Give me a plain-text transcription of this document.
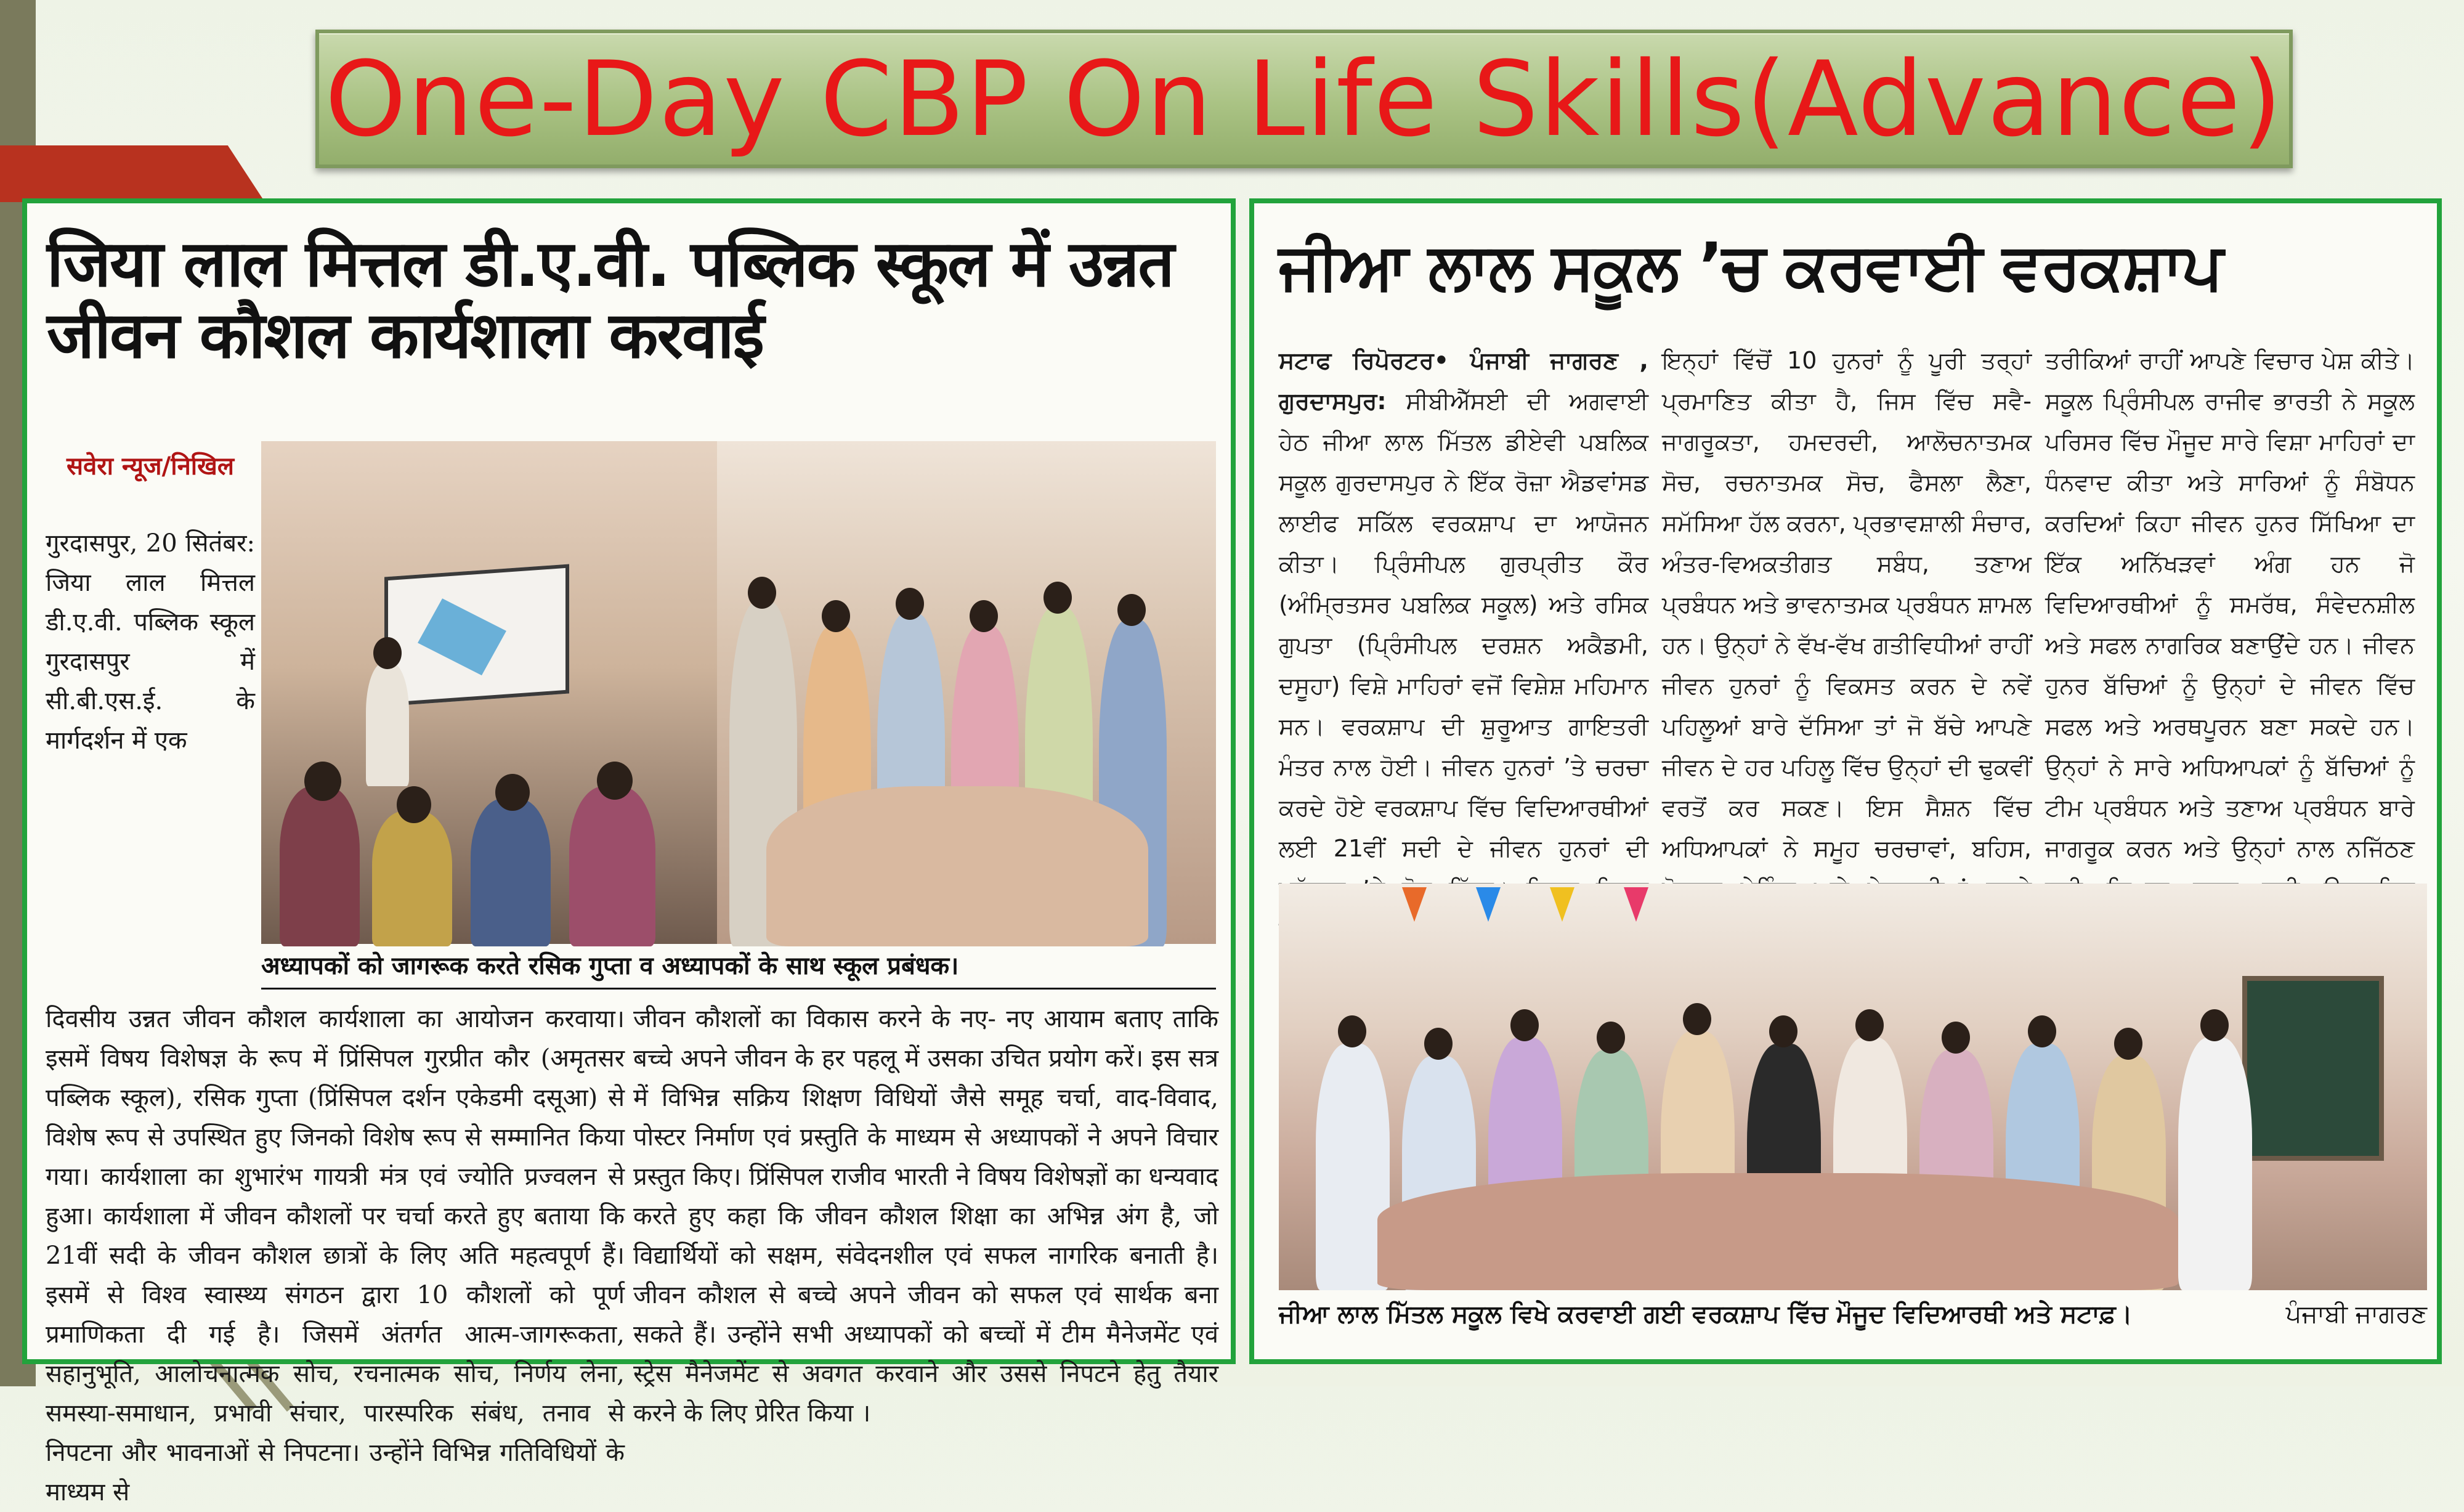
One-Day CBP On Life Skills(Advance)
जिया लाल मित्तल डी.ए.वी. पब्लिक स्कूल में उन्नत जीवन कौशल कार्यशाला करवाई
सवेरा न्यूज/निखिल
गुरदासपुर, 20 सितंबर: जिया लाल मित्तल डी.ए.वी. पब्लिक स्कूल गुरदासपुर में सी.बी.एस.ई. के मार्गदर्शन में एक
अध्यापकों को जागरूक करते रसिक गुप्ता व अध्यापकों के साथ स्कूल प्रबंधक।
दिवसीय उन्नत जीवन कौशल कार्यशाला का आयोजन करवाया। इसमें विषय विशेषज्ञ के रूप में प्रिंसिपल गुरप्रीत कौर (अमृतसर पब्लिक स्कूल), रसिक गुप्ता (प्रिंसिपल दर्शन एकेडमी दसूआ) से विशेष रूप से उपस्थित हुए जिनको विशेष रूप से सम्मानित किया गया। कार्यशाला का शुभारंभ गायत्री मंत्र एवं ज्योति प्रज्वलन से हुआ। कार्यशाला में जीवन कौशलों पर चर्चा करते हुए बताया कि 21वीं सदी के जीवन कौशल छात्रों के लिए अति महत्वपूर्ण हैं। इसमें से विश्व स्वास्थ्य संगठन द्वारा 10 कौशलों को पूर्ण प्रमाणिकता दी गई है। जिसमें अंतर्गत आत्म-जागरूकता, सहानुभूति, आलोचनात्मक सोच, रचनात्मक सोच, निर्णय लेना, समस्या-समाधान, प्रभावी संचार, पारस्परिक संबंध, तनाव से निपटना और भावनाओं से निपटना। उन्होंने विभिन्न गतिविधियों के माध्यम से
जीवन कौशलों का विकास करने के नए- नए आयाम बताए ताकि बच्चे अपने जीवन के हर पहलू में उसका उचित प्रयोग करें। इस सत्र में विभिन्न सक्रिय शिक्षण विधियों जैसे समूह चर्चा, वाद-विवाद, पोस्टर निर्माण एवं प्रस्तुति के माध्यम से अध्यापकों ने अपने विचार प्रस्तुत किए। प्रिंसिपल राजीव भारती ने विषय विशेषज्ञों का धन्यवाद करते हुए कहा कि जीवन कौशल शिक्षा का अभिन्न अंग है, जो विद्यार्थियों को सक्षम, संवेदनशील एवं सफल नागरिक बनाती है। जीवन कौशल से बच्चे अपने जीवन को सफल एवं सार्थक बना सकते हैं। उन्होंने सभी अध्यापकों को बच्चों में टीम मैनेजमेंट एवं स्ट्रेस मैनेजमेंट से अवगत करवाने और उससे निपटने हेतु तैयार करने के लिए प्रेरित किया ।
ਜੀਆ ਲਾਲ ਸਕੂਲ ’ਚ ਕਰਵਾਈ ਵਰਕਸ਼ਾਪ
ਸਟਾਫ ਰਿਪੋਰਟਰ• ਪੰਜਾਬੀ ਜਾਗਰਣ , ਗੁਰਦਾਸਪੁਰ: ਸੀਬੀਐੱਸਈ ਦੀ ਅਗਵਾਈ ਹੇਠ ਜੀਆ ਲਾਲ ਮਿੱਤਲ ਡੀਏਵੀ ਪਬਲਿਕ ਸਕੂਲ ਗੁਰਦਾਸਪੁਰ ਨੇ ਇੱਕ ਰੋਜ਼ਾ ਐਡਵਾਂਸਡ ਲਾਈਫ ਸਕਿੱਲ ਵਰਕਸ਼ਾਪ ਦਾ ਆਯੋਜਨ ਕੀਤਾ। ਪ੍ਰਿੰਸੀਪਲ ਗੁਰਪ੍ਰੀਤ ਕੌਰ (ਅੰਮ੍ਰਿਤਸਰ ਪਬਲਿਕ ਸਕੂਲ) ਅਤੇ ਰਸਿਕ ਗੁਪਤਾ (ਪ੍ਰਿੰਸੀਪਲ ਦਰਸ਼ਨ ਅਕੈਡਮੀ, ਦਸੂਹਾ) ਵਿਸ਼ੇ ਮਾਹਿਰਾਂ ਵਜੋਂ ਵਿਸ਼ੇਸ਼ ਮਹਿਮਾਨ ਸਨ। ਵਰਕਸ਼ਾਪ ਦੀ ਸ਼ੁਰੂਆਤ ਗਾਇਤਰੀ ਮੰਤਰ ਨਾਲ ਹੋਈ। ਜੀਵਨ ਹੁਨਰਾਂ ’ਤੇ ਚਰਚਾ ਕਰਦੇ ਹੋਏ ਵਰਕਸ਼ਾਪ ਵਿੱਚ ਵਿਦਿਆਰਥੀਆਂ ਲਈ 21ਵੀਂ ਸਦੀ ਦੇ ਜੀਵਨ ਹੁਨਰਾਂ ਦੀ
ਇਨ੍ਹਾਂ ਵਿੱਚੋਂ 10 ਹੁਨਰਾਂ ਨੂੰ ਪੂਰੀ ਤਰ੍ਹਾਂ ਪ੍ਰਮਾਣਿਤ ਕੀਤਾ ਹੈ, ਜਿਸ ਵਿੱਚ ਸਵੈ-ਜਾਗਰੂਕਤਾ, ਹਮਦਰਦੀ, ਆਲੋਚਨਾਤਮਕ ਸੋਚ, ਰਚਨਾਤਮਕ ਸੋਚ, ਫੈਸਲਾ ਲੈਣਾ, ਸਮੱਸਿਆ ਹੱਲ ਕਰਨਾ, ਪ੍ਰਭਾਵਸ਼ਾਲੀ ਸੰਚਾਰ, ਅੰਤਰ-ਵਿਅਕਤੀਗਤ ਸਬੰਧ, ਤਣਾਅ ਪ੍ਰਬੰਧਨ ਅਤੇ ਭਾਵਨਾਤਮਕ ਪ੍ਰਬੰਧਨ ਸ਼ਾਮਲ ਹਨ। ਉਨ੍ਹਾਂ ਨੇ ਵੱਖ-ਵੱਖ ਗਤੀਵਿਧੀਆਂ ਰਾਹੀਂ ਜੀਵਨ ਹੁਨਰਾਂ ਨੂੰ ਵਿਕਸਤ ਕਰਨ ਦੇ ਨਵੇਂ ਪਹਿਲੂਆਂ ਬਾਰੇ ਦੱਸਿਆ ਤਾਂ ਜੋ ਬੱਚੇ ਆਪਣੇ ਜੀਵਨ ਦੇ ਹਰ ਪਹਿਲੂ ਵਿੱਚ ਉਨ੍ਹਾਂ ਦੀ ਢੁਕਵੀਂ ਵਰਤੋਂ ਕਰ ਸਕਣ। ਇਸ ਸੈਸ਼ਨ ਵਿੱਚ ਅਧਿਆਪਕਾਂ ਨੇ ਸਮੂਹ ਚਰਚਾਵਾਂ, ਬਹਿਸ,
ਤਰੀਕਿਆਂ ਰਾਹੀਂ ਆਪਣੇ ਵਿਚਾਰ ਪੇਸ਼ ਕੀਤੇ। ਸਕੂਲ ਪ੍ਰਿੰਸੀਪਲ ਰਾਜੀਵ ਭਾਰਤੀ ਨੇ ਸਕੂਲ ਪਰਿਸਰ ਵਿੱਚ ਮੌਜੂਦ ਸਾਰੇ ਵਿਸ਼ਾ ਮਾਹਿਰਾਂ ਦਾ ਧੰਨਵਾਦ ਕੀਤਾ ਅਤੇ ਸਾਰਿਆਂ ਨੂੰ ਸੰਬੋਧਨ ਕਰਦਿਆਂ ਕਿਹਾ ਜੀਵਨ ਹੁਨਰ ਸਿੱਖਿਆ ਦਾ ਇੱਕ ਅਨਿੱਖੜਵਾਂ ਅੰਗ ਹਨ ਜੋ ਵਿਦਿਆਰਥੀਆਂ ਨੂੰ ਸਮਰੱਥ, ਸੰਵੇਦਨਸ਼ੀਲ ਅਤੇ ਸਫਲ ਨਾਗਰਿਕ ਬਣਾਉਂਦੇ ਹਨ। ਜੀਵਨ ਹੁਨਰ ਬੱਚਿਆਂ ਨੂੰ ਉਨ੍ਹਾਂ ਦੇ ਜੀਵਨ ਵਿੱਚ ਸਫਲ ਅਤੇ ਅਰਥਪੂਰਨ ਬਣਾ ਸਕਦੇ ਹਨ। ਉਨ੍ਹਾਂ ਨੇ ਸਾਰੇ ਅਧਿਆਪਕਾਂ ਨੂੰ ਬੱਚਿਆਂ ਨੂੰ ਟੀਮ ਪ੍ਰਬੰਧਨ ਅਤੇ ਤਣਾਅ ਪ੍ਰਬੰਧਨ ਬਾਰੇ ਜਾਗਰੂਕ ਕਰਨ ਅਤੇ ਉਨ੍ਹਾਂ ਨਾਲ ਨਜਿੱਠਣ
ਜੀਆ ਲਾਲ ਮਿੱਤਲ ਸਕੂਲ ਵਿਖੇ ਕਰਵਾਈ ਗਈ ਵਰਕਸ਼ਾਪ ਵਿੱਚ ਮੌਜੂਦ ਵਿਦਿਆਰਥੀ ਅਤੇ ਸਟਾਫ਼।	ਪੰਜਾਬੀ ਜਾਗਰਣ
